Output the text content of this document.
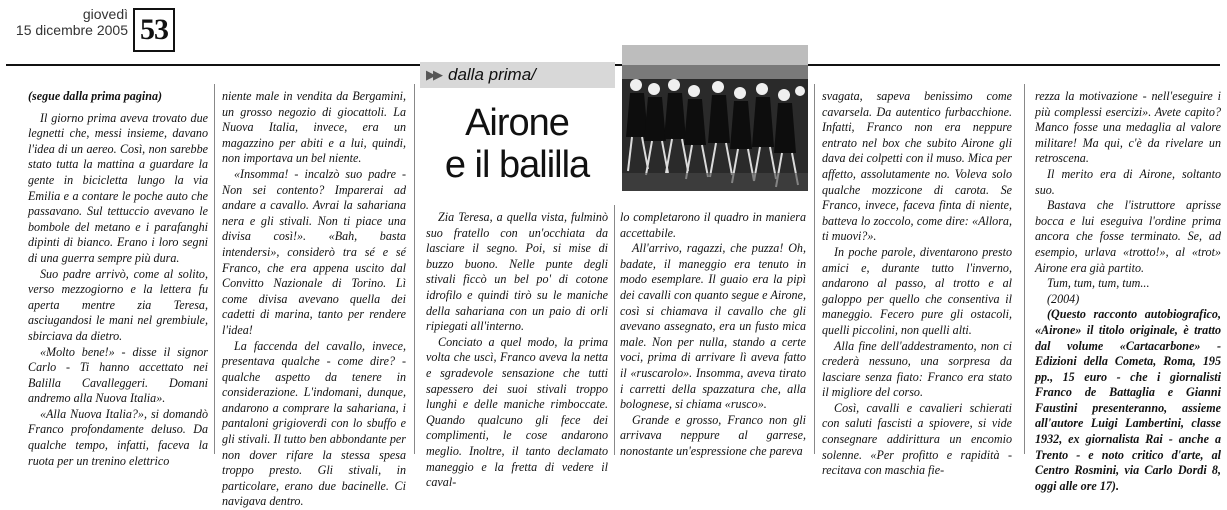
giovedì
15 dicembre 2005 53

(segue dalla prima pagina)

Il giorno prima aveva trovato due legnetti che, messi insieme, davano l'idea di un aereo. Così, non sarebbe stato tutta la mattina a guardare la gente in bicicletta lungo la via Emilia e a contare le poche auto che passavano. Sul tettuccio avevano le bombole del metano e i parafanghi dipinti di bianco. Erano i loro segni di una guerra sempre più dura.

Suo padre arrivò, come al solito, verso mezzogiorno e la lettera fu aperta mentre zia Teresa, asciugandosi le mani nel grembiule, sbirciava da dietro.

«Molto bene!» - disse il signor Carlo - Ti hanno accettato nei Balilla Cavalleggeri. Domani andremo alla Nuova Italia».

«Alla Nuova Italia?», si domandò Franco profondamente deluso. Da qualche tempo, infatti, faceva la ruota per un trenino elettrico

niente male in vendita da Bergamini, un grosso negozio di giocattoli. La Nuova Italia, invece, era un magazzino per abiti e a lui, quindi, non importava un bel niente.

«Insomma! - incalzò suo padre - Non sei contento? Imparerai ad andare a cavallo. Avrai la sahariana nera e gli stivali. Non ti piace una divisa così!». «Bah, basta intendersi», considerò tra sé e sé Franco, che era appena uscito dal Convitto Nazionale di Torino. Lì come divisa avevano quella dei cadetti di marina, tanto per rendere l'idea!

La faccenda del cavallo, invece, presentava qualche - come dire? - qualche aspetto da tenere in considerazione. L'indomani, dunque, andarono a comprare la sahariana, i pantaloni grigioverdi con lo sbuffo e gli stivali. Il tutto ben abbondante per non dover rifare la stessa spesa troppo presto. Gli stivali, in particolare, erano due bacinelle. Ci navigava dentro.

▶▶ dalla prima/
Airone
e il balilla

Zia Teresa, a quella vista, fulminò suo fratello con un'occhiata da lasciare il segno. Poi, si mise di buzzo buono. Nelle punte degli stivali ficcò un bel po' di cotone idrofilo e quindi tirò su le maniche della sahariana con un paio di orli ripiegati all'interno.

Conciato a quel modo, la prima volta che uscì, Franco aveva la netta e sgradevole sensazione che tutti sapessero dei suoi stivali troppo lunghi e delle maniche rimboccate. Quando qualcuno gli fece dei complimenti, le cose andarono meglio. Inoltre, il tanto declamato maneggio e la fretta di vedere il caval-

lo completarono il quadro in maniera accettabile.

All'arrivo, ragazzi, che puzza! Oh, badate, il maneggio era tenuto in modo esemplare. Il guaio era la pipì dei cavalli con quanto segue e Airone, così si chiamava il cavallo che gli avevano assegnato, era un fusto mica male. Non per nulla, stando a certe voci, prima di arrivare lì aveva fatto il «ruscarolo». Insomma, aveva tirato i carretti della spazzatura che, alla bolognese, si chiama «rusco».

Grande e grosso, Franco non gli arrivava neppure al garrese, nonostante un'espressione che pareva

svagata, sapeva benissimo come cavarsela. Da autentico furbacchione. Infatti, Franco non era neppure entrato nel box che subito Airone gli dava dei colpetti con il muso. Mica per affetto, assolutamente no. Voleva solo qualche mozzicone di carota. Se Franco, invece, faceva finta di niente, batteva lo zoccolo, come dire: «Allora, ti muovi?».

In poche parole, diventarono presto amici e, durante tutto l'inverno, andarono al passo, al trotto e al galoppo per quello che consentiva il maneggio. Fecero pure gli ostacoli, quelli piccolini, non quelli alti.

Alla fine dell'addestramento, non ci crederà nessuno, una sorpresa da lasciare senza fiato: Franco era stato il migliore del corso.

Così, cavalli e cavalieri schierati con saluti fascisti a spiovere, si vide consegnare addirittura un encomio solenne. «Per profitto e rapidità - recitava con maschia fie-

rezza la motivazione - nell'eseguire i più complessi esercizi». Avete capito? Manco fosse una medaglia al valore militare! Ma qui, c'è da rivelare un retroscena.

Il merito era di Airone, soltanto suo.

Bastava che l'istruttore aprisse bocca e lui eseguiva l'ordine prima ancora che fosse terminato. Se, ad esempio, urlava «trotto!», al «trot» Airone era già partito.

Tum, tum, tum, tum...

(2004)

(Questo racconto autobiografico, «Airone» il titolo originale, è tratto dal volume «Cartacarbone» - Edizioni della Cometa, Roma, 195 pp., 15 euro - che i giornalisti Franco de Battaglia e Gianni Faustini presenteranno, assieme all'autore Luigi Lambertini, classe 1932, ex giornalista Rai - anche a Trento - e noto critico d'arte, al Centro Rosmini, via Carlo Dordi 8, oggi alle ore 17).
